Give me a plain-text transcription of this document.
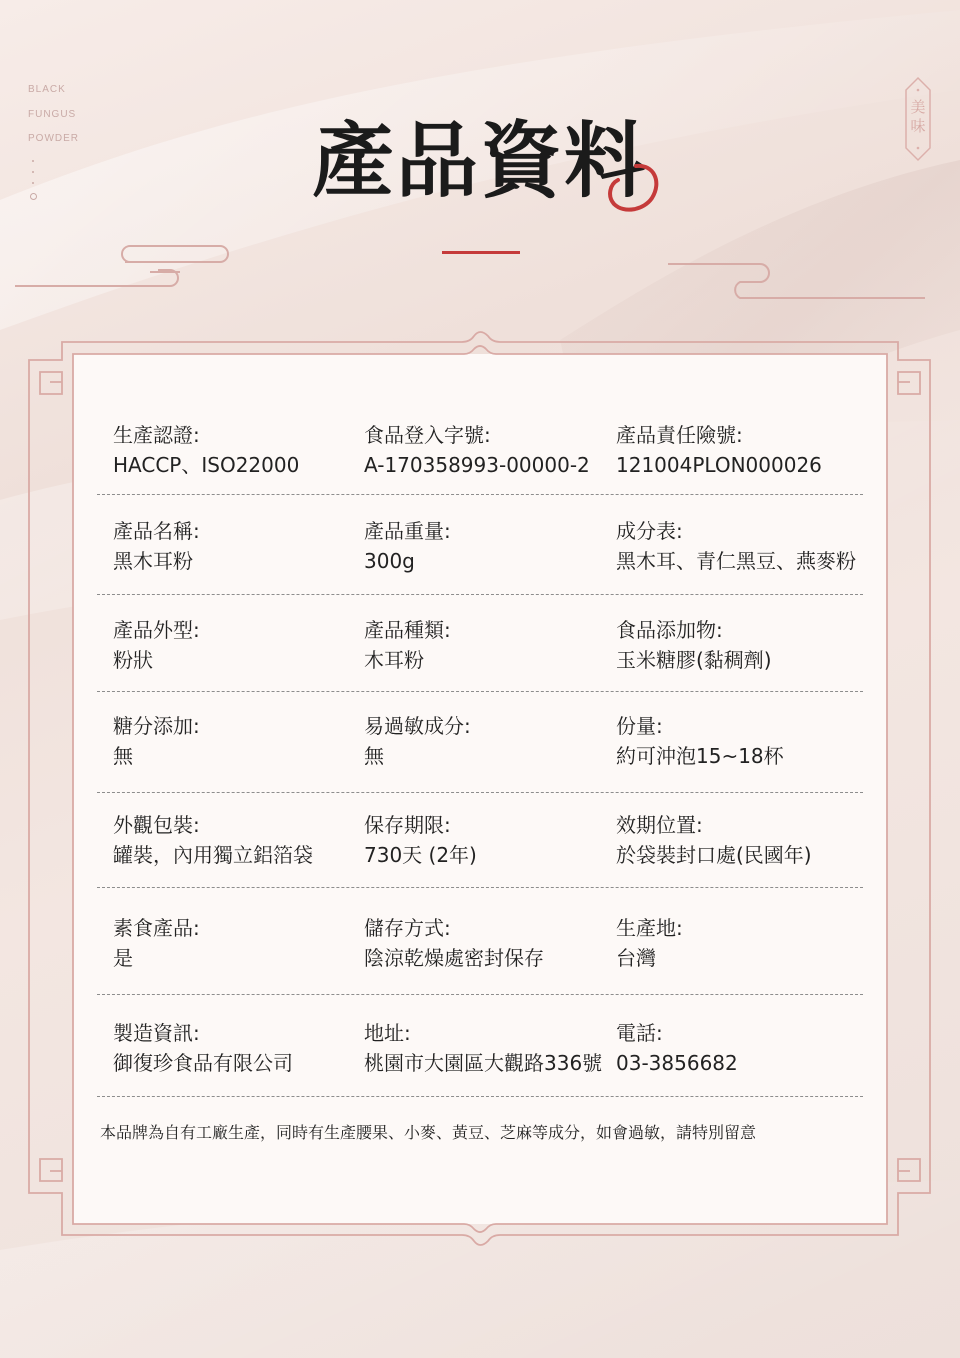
BLACK
FUNGUS
POWDER	產品資料
美
味
生產認證:
HACCP、ISO22000
食品登入字號:
A-170358993-00000-2
產品責任險號:
121004PLON000026
產品名稱:
黑木耳粉
產品重量:
300g
成分表:
黑木耳、青仁黑豆、燕麥粉
產品外型:
粉狀
產品種類:
木耳粉
食品添加物:
玉米糖膠(黏稠劑)
糖分添加:
無
易過敏成分:
無
份量:
約可沖泡15~18杯
外觀包裝:
罐裝，內用獨立鋁箔袋
保存期限:
730天 (2年)
效期位置:
於袋裝封口處(民國年)
素食產品:
是
儲存方式:
陰涼乾燥處密封保存
生產地:
台灣
製造資訊:
御復珍食品有限公司
地址:
桃園市大園區大觀路336號
電話:
03-3856682
本品牌為自有工廠生產，同時有生產腰果、小麥、黃豆、芝麻等成分，如會過敏，請特別留意
